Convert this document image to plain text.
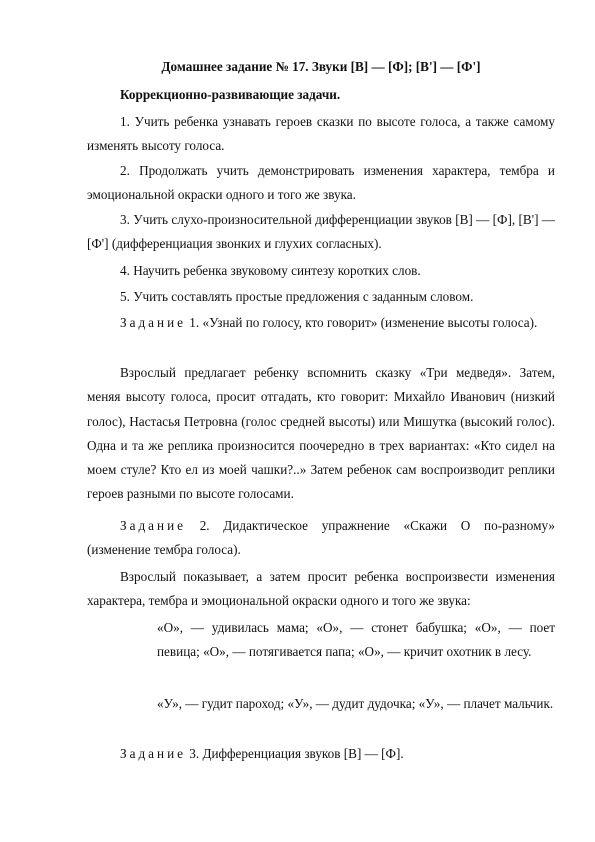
Домашнее задание № 17. Звуки [В] — [Ф]; [В'] — [Ф']

Коррекционно-развивающие задачи.

1. Учить ребенка узнавать героев сказки по высоте голоса, а также самому изменять высоту голоса.

2. Продолжать учить демонстрировать изменения характера, тембра и эмоциональной окраски одного и того же звука.

3. Учить слухо-произносительной дифференциации звуков [В] — [Ф], [В'] — [Ф'] (дифференциация звонких и глухих согласных).

4. Научить ребенка звуковому синтезу коротких слов.

5. Учить составлять простые предложения с заданным словом.

Задание 1. «Узнай по голосу, кто говорит» (изменение высоты голоса).

Взрослый предлагает ребенку вспомнить сказку «Три медведя». Затем, меняя высоту голоса, просит отгадать, кто говорит: Михайло Иванович (низкий голос), Настасья Петровна (голос средней высоты) или Мишутка (высокий голос). Одна и та же реплика произносится поочередно в трех вариантах: «Кто сидел на моем стуле? Кто ел из моей чашки?..» Затем ребенок сам воспроизводит реплики героев разными по высоте голосами.

Задание 2. Дидактическое упражнение «Скажи О по-разному» (изменение тембра голоса).

Взрослый показывает, а затем просит ребенка воспроизвести изменения характера, тембра и эмоциональной окраски одного и того же звука:

«О», — удивилась мама; «О», — стонет бабушка; «О», — поет певица; «О», — потягивается папа; «О», — кричит охотник в лесу.

«У», — гудит пароход; «У», — дудит дудочка; «У», — плачет мальчик.

Задание 3. Дифференциация звуков [В] — [Ф].
